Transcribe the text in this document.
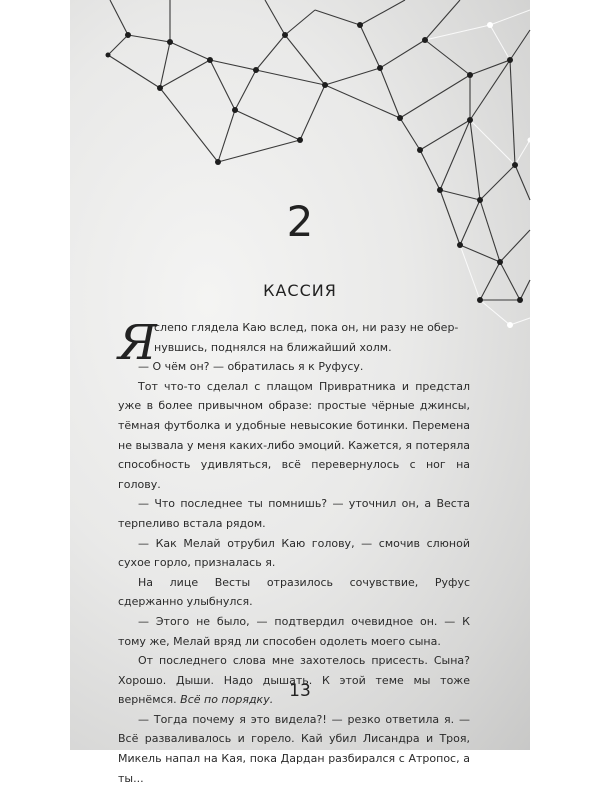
2
КАССИЯ
Я
слепо глядела Каю вслед, пока он, ни разу не обер-
нувшись, поднялся на ближайший холм.

— О чём он? — обратилась я к Руфусу.

Тот что-то сделал с плащом Привратника и предстал уже в более привычном образе: простые чёрные джинсы, тёмная футболка и удобные невысокие ботинки. Перемена не вызвала у меня каких-либо эмоций. Кажется, я потеряла способность удивляться, всё перевернулось с ног на голову.

— Что последнее ты помнишь? — уточнил он, а Веста терпеливо встала рядом.

— Как Мелай отрубил Каю голову, — смочив слюной сухое горло, призналась я.

На лице Весты отразилось сочувствие, Руфус сдержанно улыбнулся.

— Этого не было, — подтвердил очевидное он. — К тому же, Мелай вряд ли способен одолеть моего сына.

От последнего слова мне захотелось присесть. Сына? Хорошо. Дыши. Надо дышать. К этой теме мы тоже вернёмся. Всё по порядку.

— Тогда почему я это видела?! — резко ответила я. — Всё разваливалось и горело. Кай убил Лисандра и Троя, Микель напал на Кая, пока Дардан разбирался с Атропос, а ты...

13
